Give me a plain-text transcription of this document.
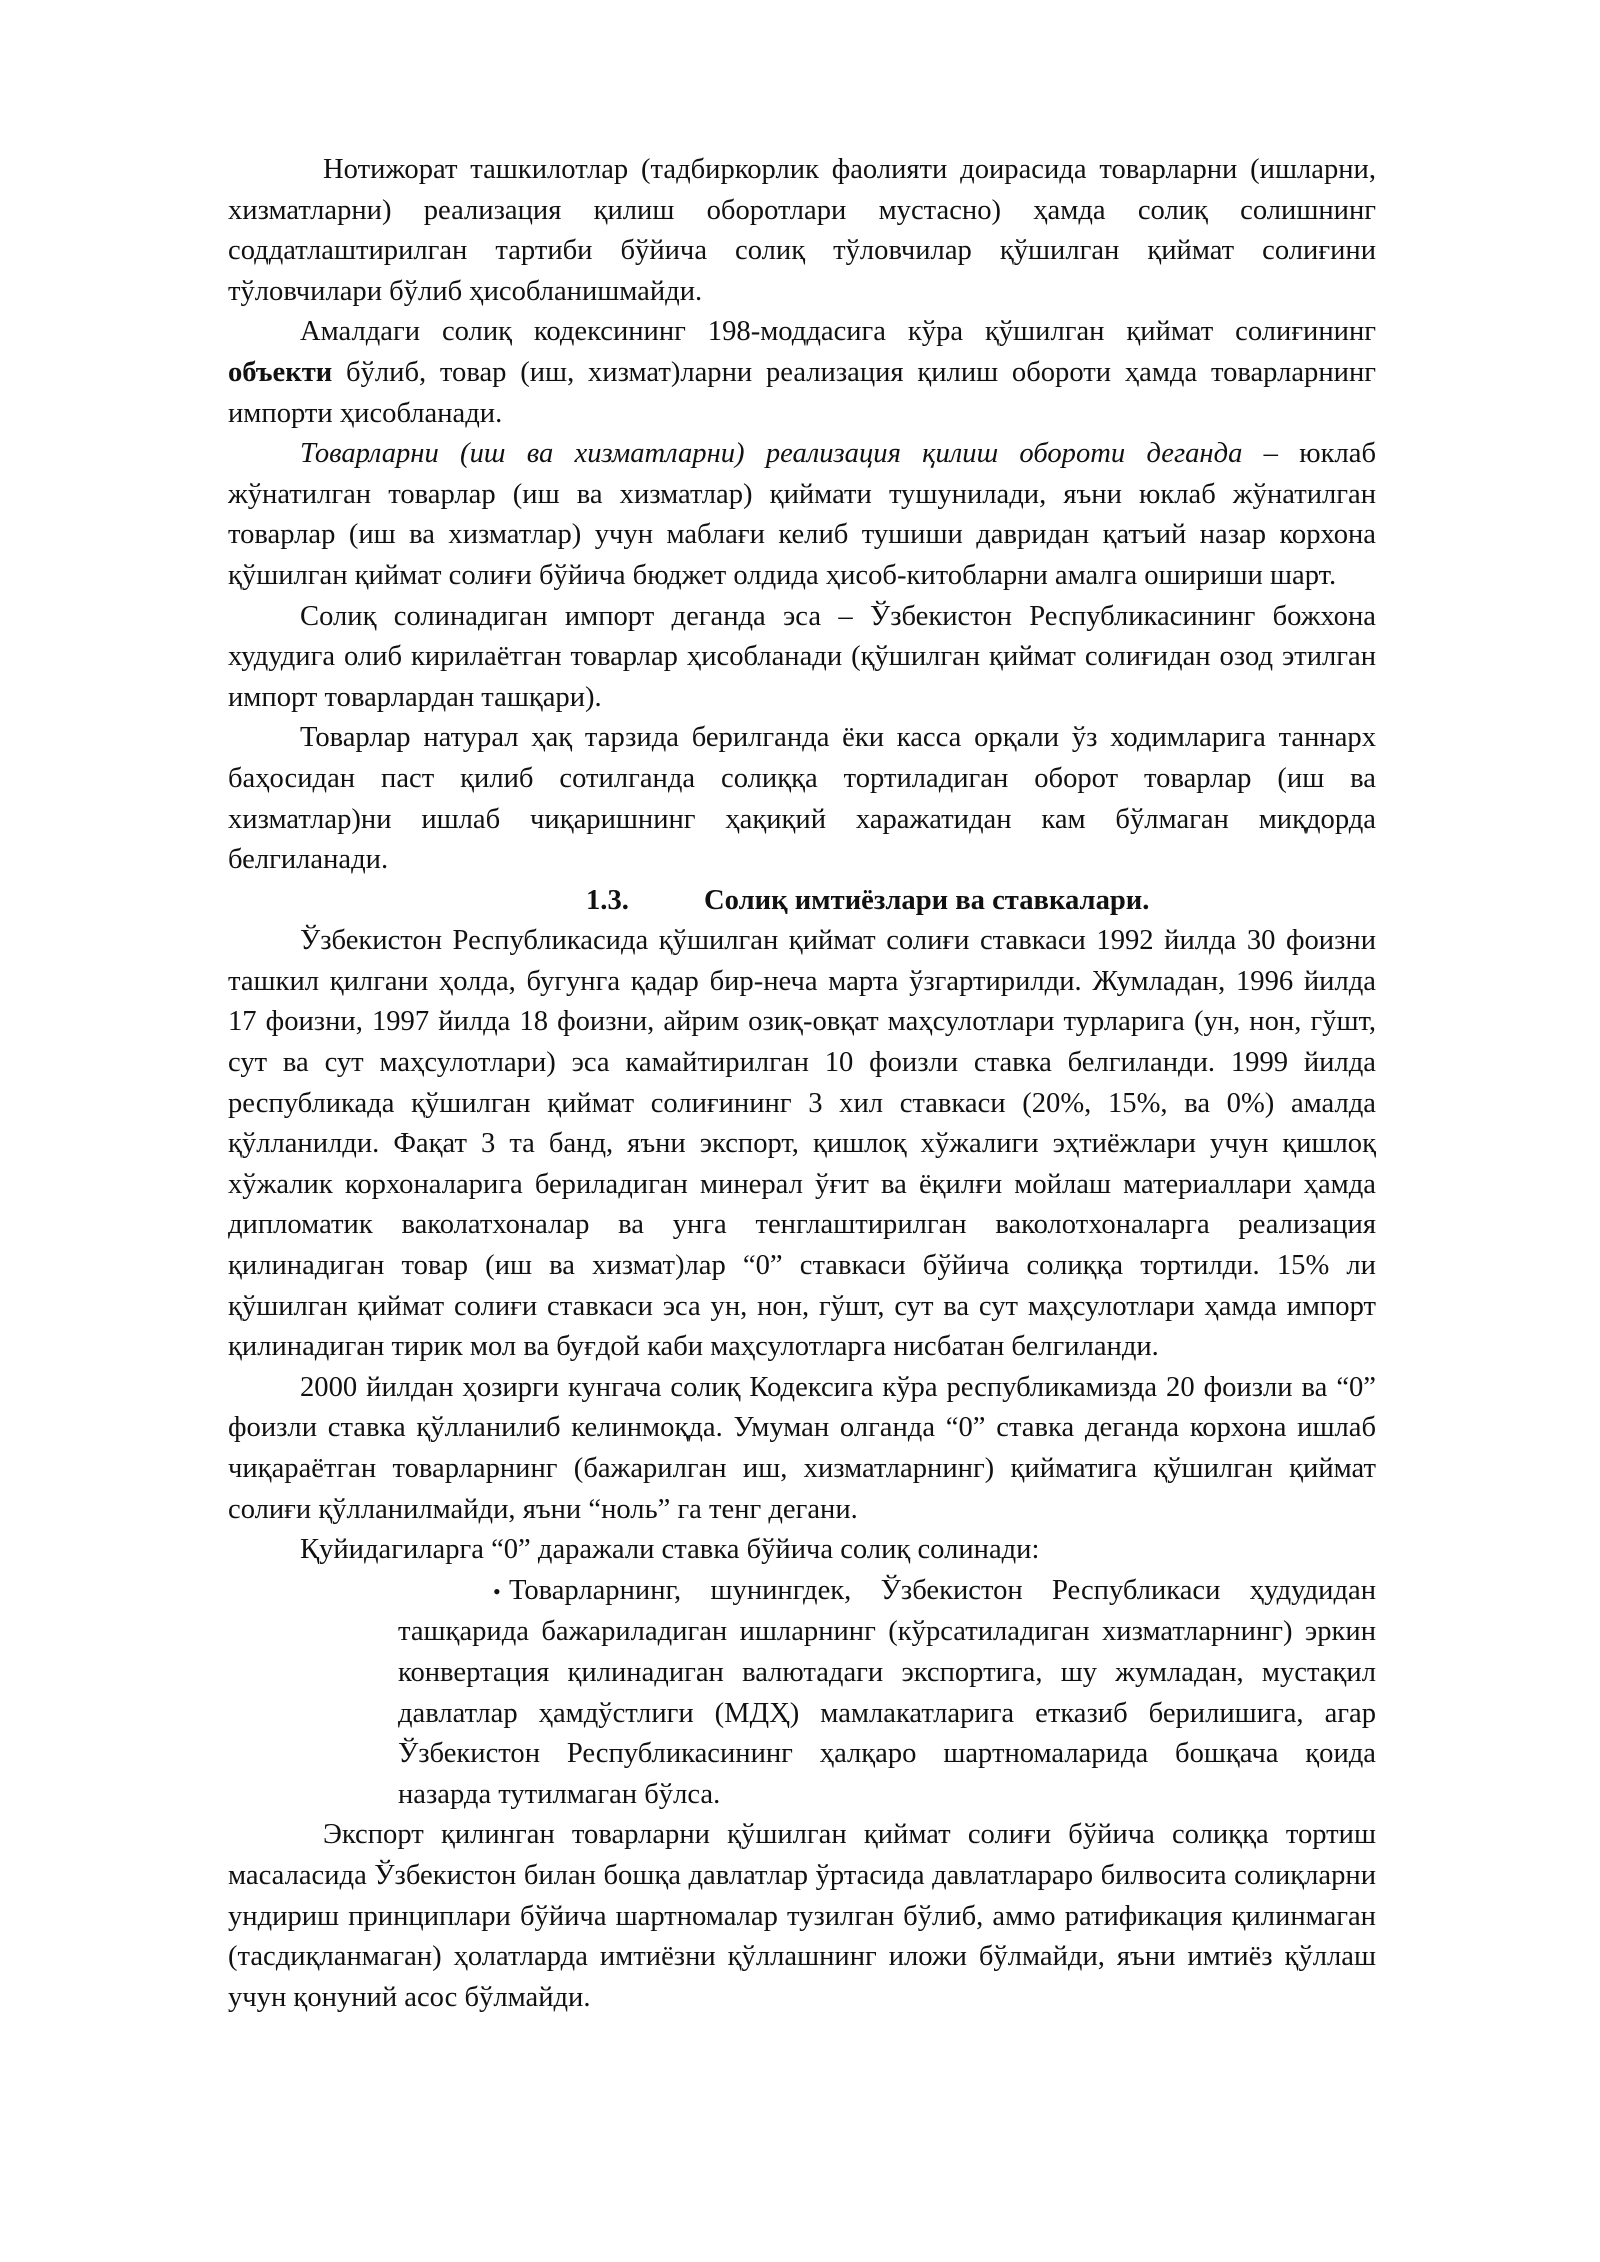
Нотижорат ташкилотлар (тадбиркорлик фаолияти доирасида товарларни (ишларни, хизматларни) реализация қилиш оборотлари мустасно) ҳамда солиқ солишнинг соддатлаштирилган тартиби бўйича солиқ тўловчилар қўшилган қиймат солиғини тўловчилари бўлиб ҳисобланишмайди.

Амалдаги солиқ кодексининг 198-моддасига кўра қўшилган қиймат солиғининг объекти бўлиб, товар (иш, хизмат)ларни реализация қилиш обороти ҳамда товарларнинг импорти ҳисобланади.

Товарларни (иш ва хизматларни) реализация қилиш обороти деганда – юклаб жўнатилган товарлар (иш ва хизматлар) қиймати тушунилади, яъни юклаб жўнатилган товарлар (иш ва хизматлар) учун маблағи келиб тушиши давридан қатъий назар корхона қўшилган қиймат солиғи бўйича бюджет олдида ҳисоб-китобларни амалга ошириши шарт.

Солиқ солинадиган импорт деганда эса – Ўзбекистон Республикасининг божхона худудига олиб кирилаётган товарлар ҳисобланади (қўшилган қиймат солиғидан озод этилган импорт товарлардан ташқари).

Товарлар натурал ҳақ тарзида берилганда ёки касса орқали ўз ходимларига таннарх баҳосидан паст қилиб сотилганда солиққа тортиладиган оборот товарлар (иш ва хизматлар)ни ишлаб чиқаришнинг ҳақиқий харажатидан кам бўлмаган миқдорда белгиланади.

1.3.	Солиқ имтиёзлари ва ставкалари.

Ўзбекистон Республикасида қўшилган қиймат солиғи ставкаси 1992 йилда 30 фоизни ташкил қилгани ҳолда, бугунга қадар бир-неча марта ўзгартирилди. Жумладан, 1996 йилда 17 фоизни, 1997 йилда 18 фоизни, айрим озиқ-овқат маҳсулотлари турларига (ун, нон, гўшт, сут ва сут маҳсулотлари) эса камайтирилган 10 фоизли ставка белгиланди. 1999 йилда республикада қўшилган қиймат солиғининг 3 хил ставкаси (20%, 15%, ва 0%) амалда қўлланилди. Фақат 3 та банд, яъни экспорт, қишлоқ хўжалиги эҳтиёжлари учун қишлоқ хўжалик корхоналарига бериладиган минерал ўғит ва ёқилғи мойлаш материаллари ҳамда дипломатик ваколатхоналар ва унга тенглаштирилган ваколотхоналарга реализация қилинадиган товар (иш ва хизмат)лар “0” ставкаси бўйича солиққа тортилди. 15% ли қўшилган қиймат солиғи ставкаси эса ун, нон, гўшт, сут ва сут маҳсулотлари ҳамда импорт қилинадиган тирик мол ва буғдой каби маҳсулотларга нисбатан белгиланди.

2000 йилдан ҳозирги кунгача солиқ Кодексига кўра республикамизда 20 фоизли ва “0” фоизли ставка қўлланилиб келинмоқда. Умуман олганда “0” ставка деганда корхона ишлаб чиқараётган товарларнинг (бажарилган иш, хизматларнинг) қийматига қўшилган қиймат солиғи қўлланилмайди, яъни “ноль” га тенг дегани.

Қуйидагиларга “0” даражали ставка бўйича солиқ солинади:

• Товарларнинг, шунингдек, Ўзбекистон Республикаси ҳудудидан ташқарида бажариладиган ишларнинг (кўрсатиладиган хизматларнинг) эркин конвертация қилинадиган валютадаги экспортига, шу жумладан, мустақил давлатлар ҳамдўстлиги (МДҲ) мамлакатларига етказиб берилишига, агар Ўзбекистон Республикасининг ҳалқаро шартномаларида бошқача қоида назарда тутилмаган бўлса.

Экспорт қилинган товарларни қўшилган қиймат солиғи бўйича солиққа тортиш масаласида Ўзбекистон билан бошқа давлатлар ўртасида давлатлараро билвосита солиқларни ундириш принциплари бўйича шартномалар тузилган бўлиб, аммо ратификация қилинмаган (тасдиқланмаган) ҳолатларда имтиёзни қўллашнинг иложи бўлмайди, яъни имтиёз қўллаш учун қонуний асос бўлмайди.
